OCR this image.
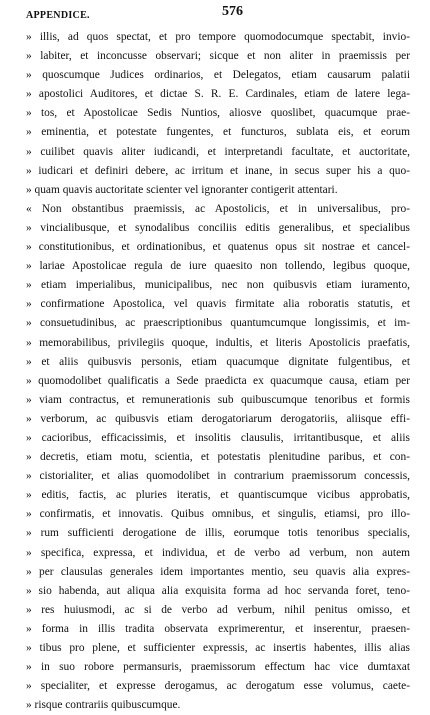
APPENDICE.	576
» illis, ad quos spectat, et pro tempore quomodocumque spectabit, invio-
» labiter, et inconcusse observari; sicque et non aliter in praemissis per
» quoscumque Judices ordinarios, et Delegatos, etiam causarum palatii
» apostolici Auditores, et dictae S. R. E. Cardinales, etiam de latere lega-
» tos, et Apostolicae Sedis Nuntios, aliosve quoslibet, quacumque prae-
» eminentia, et potestate fungentes, et functuros, sublata eis, et eorum
» cuilibet quavis aliter iudicandi, et interpretandi facultate, et auctoritate,
» iudicari et definiri debere, ac irritum et inane, in secus super his a quo-
» quam quavis auctoritate scienter vel ignoranter contigerit attentari.
« Non obstantibus praemissis, ac Apostolicis, et in universalibus, pro-
» vincialibusque, et synodalibus conciliis editis generalibus, et specialibus
» constitutionibus, et ordinationibus, et quatenus opus sit nostrae et cancel-
» lariae Apostolicae regula de iure quaesito non tollendo, legibus quoque,
» etiam imperialibus, municipalibus, nec non quibusvis etiam iuramento,
» confirmatione Apostolica, vel quavis firmitate alia roboratis statutis, et
» consuetudinibus, ac praescriptionibus quantumcumque longissimis, et im-
» memorabilibus, privilegiis quoque, indultis, et literis Apostolicis praefatis,
» et aliis quibusvis personis, etiam quacumque dignitate fulgentibus, et
» quomodolibet qualificatis a Sede praedicta ex quacumque causa, etiam per
» viam contractus, et remunerationis sub quibuscumque tenoribus et formis
» verborum, ac quibusvis etiam derogatoriarum derogatoriis, aliisque effi-
» cacioribus, efficacissimis, et insolitis clausulis, irritantibusque, et aliis
» decretis, etiam motu, scientia, et potestatis plenitudine paribus, et con-
» cistorialiter, et alias quomodolibet in contrarium praemissorum concessis,
» editis, factis, ac pluries iteratis, et quantiscumque vicibus approbatis,
» confirmatis, et innovatis. Quibus omnibus, et singulis, etiamsi, pro illo-
» rum sufficienti derogatione de illis, eorumque totis tenoribus specialis,
» specifica, expressa, et individua, et de verbo ad verbum, non autem
» per clausulas generales idem importantes mentio, seu quavis alia expres-
» sio habenda, aut aliqua alia exquisita forma ad hoc servanda foret, teno-
» res huiusmodi, ac si de verbo ad verbum, nihil penitus omisso, et
» forma in illis tradita observata exprimerentur, et inserentur, praesen-
» tibus pro plene, et sufficienter expressis, ac insertis habentes, illis alias
» in suo robore permansuris, praemissorum effectum hac vice dumtaxat
» specialiter, et expresse derogamus, ac derogatum esse volumus, caete-
» risque contrariis quibuscumque.
